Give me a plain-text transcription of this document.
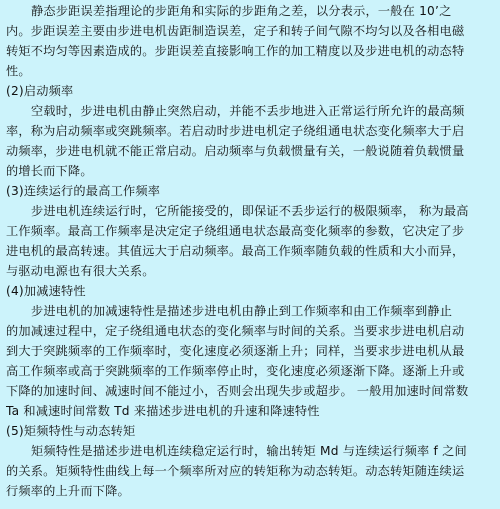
静态步距误差指理论的步距角和实际的步距角之差，以分表示，一般在 10’之
内。步距误差主要由步进电机齿距制造误差，定子和转子间气隙不均匀以及各相电磁
转矩不均匀等因素造成的。步距误差直接影响工作的加工精度以及步进电机的动态特
性。
(2)启动频率
空载时，步进电机由静止突然启动，并能不丢步地进入正常运行所允许的最高频
率，称为启动频率或突跳频率。若启动时步进电机定子绕组通电状态变化频率大于启
动频率，步进电机就不能正常启动。启动频率与负载惯量有关，一般说随着负载惯量
的增长而下降。
(3)连续运行的最高工作频率
步进电机连续运行时，它所能接受的，即保证不丢步运行的极限频率， 称为最高
工作频率。最高工作频率是决定定子绕组通电状态最高变化频率的参数，它决定了步
进电机的最高转速。其值远大于启动频率。最高工作频率随负载的性质和大小而异，
与驱动电源也有很大关系。
(4)加减速特性
步进电机的加减速特性是描述步进电机由静止到工作频率和由工作频率到静止
的加减速过程中，定子绕组通电状态的变化频率与时间的关系。当要求步进电机启动
到大于突跳频率的工作频率时，变化速度必须逐渐上升；同样，当要求步进电机从最
高工作频率或高于突跳频率的工作频率停止时，变化速度必须逐渐下降。逐渐上升或
下降的加速时间、减速时间不能过小，否则会出现失步或超步。 一般用加速时间常数
Ta 和减速时间常数 Td 来描述步进电机的升速和降速特性
(5)矩频特性与动态转矩
矩频特性是描述步进电机连续稳定运行时，输出转矩 Md 与连续运行频率 f 之间
的关系。矩频特性曲线上每一个频率所对应的转矩称为动态转矩。动态转矩随连续运
行频率的上升而下降。
